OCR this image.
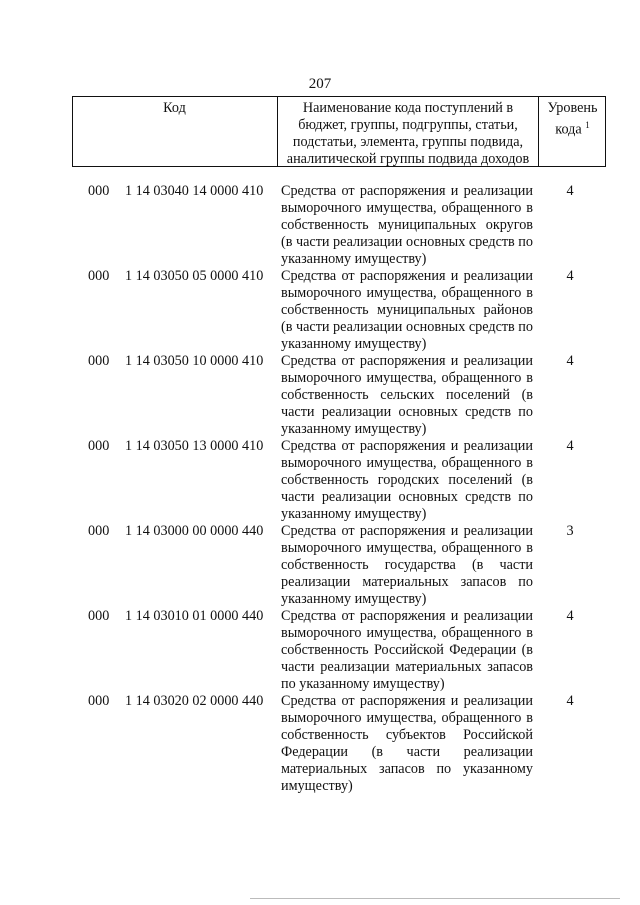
207
Код	Наименование кода поступлений в
бюджет, группы, подгруппы, статьи,
подстатьи, элемента, группы подвида,
аналитической группы подвида доходов
Уровень
кода $^1$
000 1 14 03040 14 0000 410 Средства от распоряжения и реализации выморочного имущества, обращенного в собственность муниципальных округов (в части реализации основных средств по указанному имуществу)
4
000 1 14 03050 05 0000 410 Средства от распоряжения и реализации выморочного имущества, обращенного в собственность муниципальных районов (в части реализации основных средств по указанному имуществу)
4
000 1 14 03050 10 0000 410 Средства от распоряжения и реализации выморочного имущества, обращенного в собственность сельских поселений (в части реализации основных средств по указанному имуществу)
4
000 1 14 03050 13 0000 410 Средства от распоряжения и реализации выморочного имущества, обращенного в собственность городских поселений (в части реализации основных средств по указанному имуществу)
4
000 1 14 03000 00 0000 440 Средства от распоряжения и реализации выморочного имущества, обращенного в собственность государства (в части реализации материальных запасов по указанному имуществу)
3
000 1 14 03010 01 0000 440 Средства от распоряжения и реализации выморочного имущества, обращенного в собственность Российской Федерации (в части реализации материальных запасов по указанному имуществу)
4
000 1 14 03020 02 0000 440 Средства от распоряжения и реализации выморочного имущества, обращенного в собственность субъектов Российской Федерации (в части реализации материальных запасов по указанному имуществу)
4
